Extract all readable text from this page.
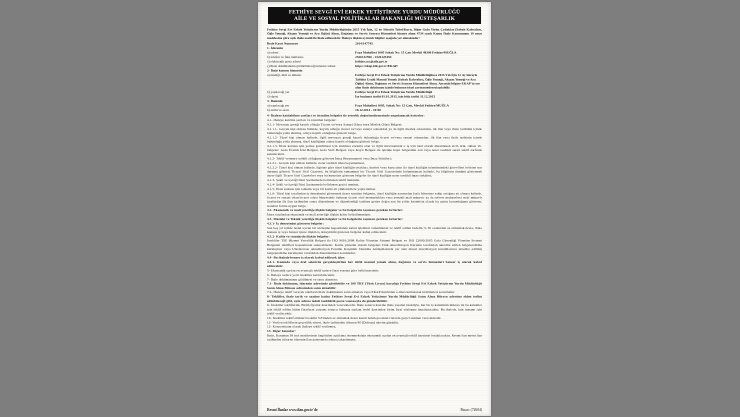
FETHİYE SEVGİ EVİ ERKEK YETİŞTİRME YURDU MÜDÜRLÜĞÜ
AİLE VE SOSYAL POLİTİKALAR BAKANLIĞI MÜSTEŞARLIK

Fethiye Sevgi Evi Erkek Yetiştirme Yurdu Müdürlüğünün 2015 Yılı İçin, 12 ay Süreyle Tabel/Kuru, Diğer Gıda Yiyim Çatlaklar (Sabah Kahvaltısı, Öğle Yemeği, Akşam Yemeği ve Ara Öğün) Alımı, Dağıtımı ve Servis Sonrası Hizmetleri hizmet alımı 4734 sayılı Kamu İhale Kanununun 19 uncu maddesine göre açık ihale usulü ile ihale edilecektir. İhaleye ilişkin ayrıntılı bilgiler aşağıda yer almaktadır:

İhale Kayıt Numarası	2014/147745
1- İdarenin
a) adresi	Foça Mahallesi 1005 Sokak No: 15 Çatı Mevkii 48300 Fethiye/MUĞLA
b) telefon ve faks numarası	2526142596 - 2526125494
c) elektronik posta adresi	fethiye.scy@aile.gov.tr
ç) İhale dokümanının görülebileceği internet adresi	https://ekap.kik.gov.tr/EKAP/
2- İhale konusu hizmetin
a) niteliği, türü ve miktarı	Fethiye Sevgi Evi Erkek Yetiştirme Yurdu Müdürlüğünce 2015 Yılı İçin 12 Ay Süreyle Tabldot Usulü Mamul Yemek (Sabah Kahvaltısı, Öğle Yemeği, Akşam Yemeği ve Ara Öğün) Alımı, Dağıtımı ve Servis Sonrası Hizmetleri Alımı. Ayrıntılı bilgiye EKAP'ta yer alan ihale dokümanı içinde bulunan idari şartnameden ulaşılabilir.
b) yapılacağı yer	Fethiye Sevgi Evi Erkek Yetiştirme Yurdu Müdürlüğü
c) süresi	İşe başlama tarihi 01.01.2015, işin bitiş tarihi 31.12.2015
3- İhalenin
a) yapılacağı yer	Foça Mahallesi 1005, Sokak No: 15 Çatı, Mevkii Fethiye/MUĞLA
b) tarihi ve saati	16.12.2014 - 10:00

4- İhaleye katılabilme şartları ve istenilen belgeler ile yeterlik değerlendirmesinde uygulanacak kriterler:

4.1- İhaleye katılma şartları ve istenilen belgeler:

4.1.1- Mevzuatı gereği kayıtlı olduğu Ticaret ve/veya Sanayi Odası veya Meslek Odası Belgesi;

4.1.1.1- Gerçek kişi olması halinde, kayıtlı olduğu ticaret ve/veya sanayi odasından ya da ilgili meslek odasından, ilk ilan veya ihale tarihinin içinde bulunduğu yılda alınmış, odaya kayıtlı olduğunu gösterir belge,

4.1.1.2- Tüzel kişi olması halinde, ilgili mevzuatı gereği kayıtlı bulunduğu ticaret ve/veya sanayi odasından, ilk ilan veya ihale tarihinin içinde bulunduğu yılda alınmış, tüzel kişiliğinin odaya kayıtlı olduğunu gösterir belge,

4.1.1.3- İhale konusu işin yerine getirilmesi için alınması zorunlu olan ve ilgili mevzuatında o iş için özel olarak düzenlenen sicil, izin, ruhsat vb. belgeler: Gıda Üretim İzni Belgesi, Gıda Sicil Belgesi veya Kayıt Belgesi ile işletme kayıt belgesinin aslı veya noter tasdikli sureti teklif zarfında sunulacaktır.

4.1.2- Teklif vermeye yetkili olduğunu gösteren İmza Beyannamesi veya İmza Sirküleri;

4.1.2.1- Gerçek kişi olması halinde, noter tasdikli imza beyannamesi,

4.1.2.2- Tüzel kişi olması halinde, ilgisine göre tüzel kişiliğin ortakları, üyeleri veya kurucuları ile tüzel kişiliğin yönetimindeki görevlileri belirten son durumu gösterir Ticaret Sicil Gazetesi, bu bilgilerin tamamının bir Ticaret Sicil Gazetesinde bulunmaması halinde, bu bilgilerin tümünü göstermek üzere ilgili Ticaret Sicil Gazeteleri veya bu hususları gösteren belgeler ile tüzel kişiliğin noter tasdikli imza sirküleri,

4.1.3- Şekli ve içeriği İdari Şartnamede belirlenen teklif mektubu.

4.1.4- Şekli ve içeriği İdari Şartnamede belirlenen geçici teminat.

4.1.5- İhale konusu işin tamamı veya bir kısmı alt yüklenicilere yaptırılamaz.

4.1.6- Tüzel kişi tarafından iş deneyimini göstermek üzere sunulan belgenin, tüzel kişiliğin yarısından fazla hissesine sahip ortağına ait olması halinde, ticaret ve sanayi odası/ticaret odası bünyesinde bulunan ticaret sicil memurlukları veya yeminli mali müşavir ya da serbest muhasebeci mali müşavir tarafından ilk ilan tarihinden sonra düzenlenen ve düzenlendiği tarihten geriye doğru son bir yıldır kesintisiz olarak bu şartın korunduğunu gösteren, standart forma uygun belge,

4.2- Ekonomik ve mali yeterliğe ilişkin belgeler ve bu belgelerin taşıması gereken kriterler:

İdare tarafından ekonomik ve mali yeterliğe ilişkin kriter belirtilmemiştir.

4.3- Mesleki ve Teknik yeterliğe ilişkin belgeler ve bu belgelerin taşıması gereken kriterler:

4.3.1- İş deneyimini gösteren belgeler:

Son beş yıl içinde bedel içeren bir sözleşme kapsamında kabul işlemleri tamamlanan ve teklif edilen bedelin % 30 oranından az olmamak üzere, ihale konusu iş veya benzer işlere ilişkin iş deneyimini gösteren belgeler kabul edilecektir.

4.3.2- Kalite ve standarda ilişkin belgeler:

İstekliler TSE Hizmet Yeterlilik Belgesi ile ISO 9001:2008 Kalite Yönetim Sistemi Belgesi ve ISO 22000:2005 Gıda Güvenliği Yönetim Sistemi Belgesini teklifleri kapsamında sunacaklardır. Kalite yönetim sistem belgeleri Türk Akreditasyon Kurumu tarafından akredite edilen belgelendirme kuruluşları veya Uluslararası Akreditasyon Forumu Karşılıklı Tanınma Antlaşmasında yer alan ulusal akreditasyon kurumlarınca akredite edilmiş belgelendirme kuruluşları tarafından düzenlenmesi zorunludur.

4.4- Bu ihalede benzer iş olarak kabul edilecek işler:

4.4.1- Kamuda veya özel sektörde gerçekleştirilen her türlü mamul yemek alımı, dağıtımı ve servis hizmetleri benzer iş olarak kabul edilecektir.

5- Ekonomik açıdan en avantajlı teklif sadece fiyat esasına göre belirlenecektir.

6- İhaleye sadece yerli istekliler katılabilecektir.

7- İhale dokümanının görülmesi ve satın alınması:

7.1- İhale dokümanı, idarenin adresinde görülebilir ve 100 TRY (Türk Lirası) karşılığı Fethiye Sevgi Evi Erkek Yetiştirme Yurdu Müdürlüğü Satın Alma Bürosu adresinden satın alınabilir.

7.2- İhaleye teklif verecek olanların ihale dokümanını satın almaları veya EKAP üzerinden e-imza kullanarak indirmeleri zorunludur.

8- Teklifler, ihale tarih ve saatine kadar Fethiye Sevgi Evi Erkek Yetiştirme Yurdu Müdürlüğü Satın Alma Bürosu adresine elden teslim edilebileceği gibi, aynı adrese iadeli taahhütlü posta vasıtasıyla da gönderilebilir.

9- İstekliler tekliflerini, Birim fiyatlar üzerinden vereceklerdir. İhale sonucu üzerine ihale yapılan istekliyle, her bir iş kaleminin miktarı ile bu kalemler için teklif edilen birim fiyatların çarpımı sonucu bulunan toplam bedel üzerinden birim fiyat sözleşme imzalanacaktır. Bu ihalede, işin tamamı için teklif verilecektir.

10- İstekliler teklif ettikleri bedelin %3'ünden az olmamak üzere kendi belirleyecekleri tutarda geçici teminat vereceklerdir.

11- Verilen tekliflerin geçerlilik süresi, ihale tarihinden itibaren 90 (Doksan) takvim günüdür.

12- Konsorsiyum olarak ihaleye teklif verilemez.

13- Diğer hususlar:

İhale, Kanunun 38 inci maddesinde öngörülen açıklama istenmeksizin ekonomik açıdan en avantajlı teklif üzerinde bırakılacaktır. Resmi ilan metni ilan tarihinden itibaren idarenin ilan panosunda askıya çıkarılmıştır.

Resmi İlanlar www.ilan.gov.tr'de	Basın: (72604)
